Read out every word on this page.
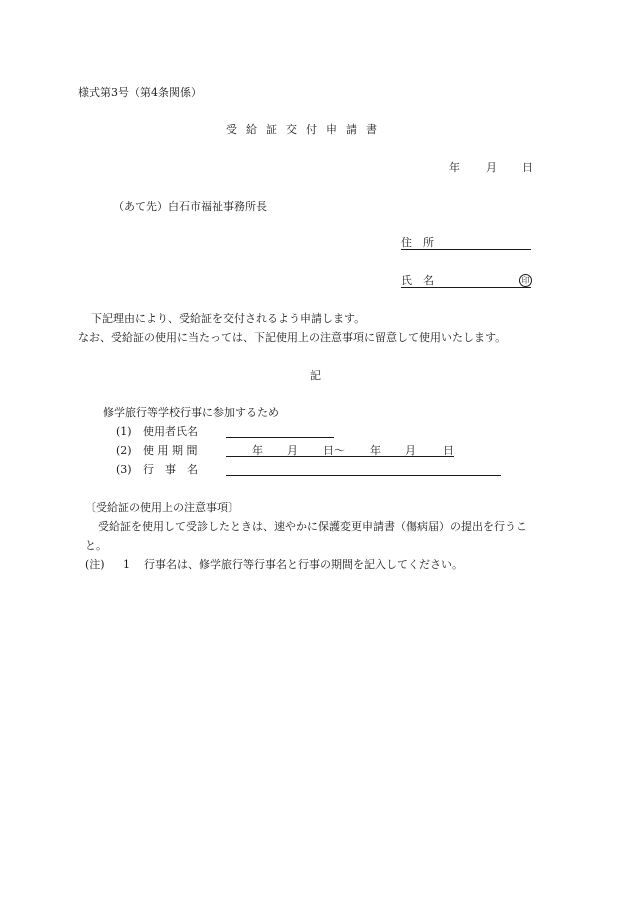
様式第3号（第4条関係）
受給証交付申請書
年 月 日
（あて先）白石市福祉事務所長
住　所
氏　名	印
下記理由により、受給証を交付されるよう申請します。
なお、受給証の使用に当たっては、下記使用上の注意事項に留意して使用いたします。
記
修学旅行等学校行事に参加するため
(1) 使用者氏名
(2) 使 用 期 間	年 月 日～ 年 月 日
(3) 行　事　名
〔受給証の使用上の注意事項〕
受給証を使用して受診したときは、速やかに保護変更申請書（傷病届）の提出を行うこ
と。
(注) 1 行事名は、修学旅行等行事名と行事の期間を記入してください。
